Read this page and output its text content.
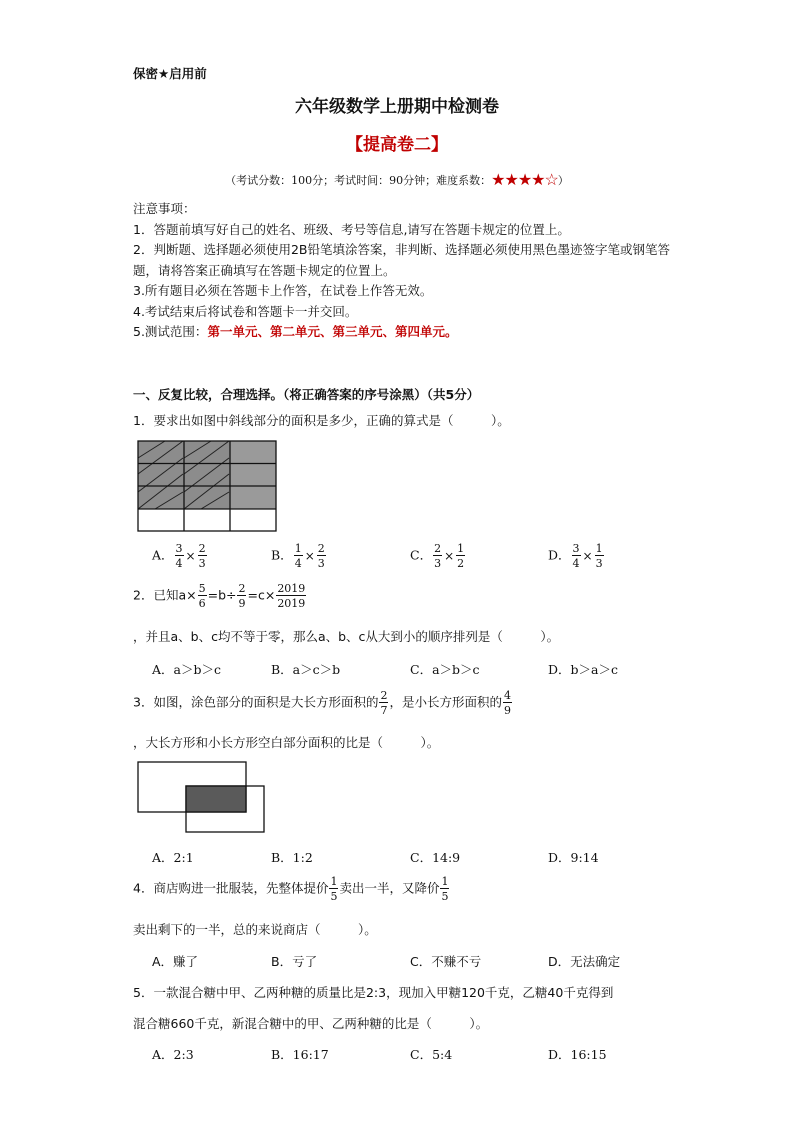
保密★启用前
六年级数学上册期中检测卷
【提高卷二】
（考试分数：100分；考试时间：90分钟；难度系数：★★★★☆）
注意事项：
1．答题前填写好自己的姓名、班级、考号等信息,请写在答题卡规定的位置上。
2．判断题、选择题必须使用2B铅笔填涂答案，非判断、选择题必须使用黑色墨迹签字笔或钢笔答题，请将答案正确填写在答题卡规定的位置上。
3.所有题目必须在答题卡上作答，在试卷上作答无效。
4.考试结束后将试卷和答题卡一并交回。
5.测试范围：第一单元、第二单元、第三单元、第四单元。
一、反复比较，合理选择。（将正确答案的序号涂黑）（共5分）
1．要求出如图中斜线部分的面积是多少，正确的算式是（　　　）。
A． $\frac{3}{4} \times \frac{2}{3}$	B． $\frac{1}{4} \times \frac{2}{3}$	C． $\frac{2}{3} \times \frac{1}{2}$	D． $\frac{3}{4} \times \frac{1}{3}$
2．已知$a\times \frac{5}{6} =b\div \frac{2}{9} =c\times \frac{2019}{2019}$
，并且a、b、c均不等于零，那么a、b、c从大到小的顺序排列是（　　　）。
A．a＞b＞c	B．a＞c＞b	C．a＞b＞c	D．b＞a＞c
3．如图，涂色部分的面积是大长方形面积的 $\frac{2}{7}$ ，是小长方形面积的 $\frac{4}{9}$
，大长方形和小长方形空白部分面积的比是（　　　）。
A．2:1	B．1:2	C．14:9	D．9:14
4．商店购进一批服装，先整体提价 $\frac{1}{5}$ 卖出一半，又降价 $\frac{1}{5}$
卖出剩下的一半，总的来说商店（　　　）。
A．赚了	B．亏了	C．不赚不亏	D．无法确定
5．一款混合糖中甲、乙两种糖的质量比是2:3，现加入甲糖120千克，乙糖40千克得到
混合糖660千克，新混合糖中的甲、乙两种糖的比是（　　　）。
A．2:3	B．16:17	C．5:4	D．16:15
